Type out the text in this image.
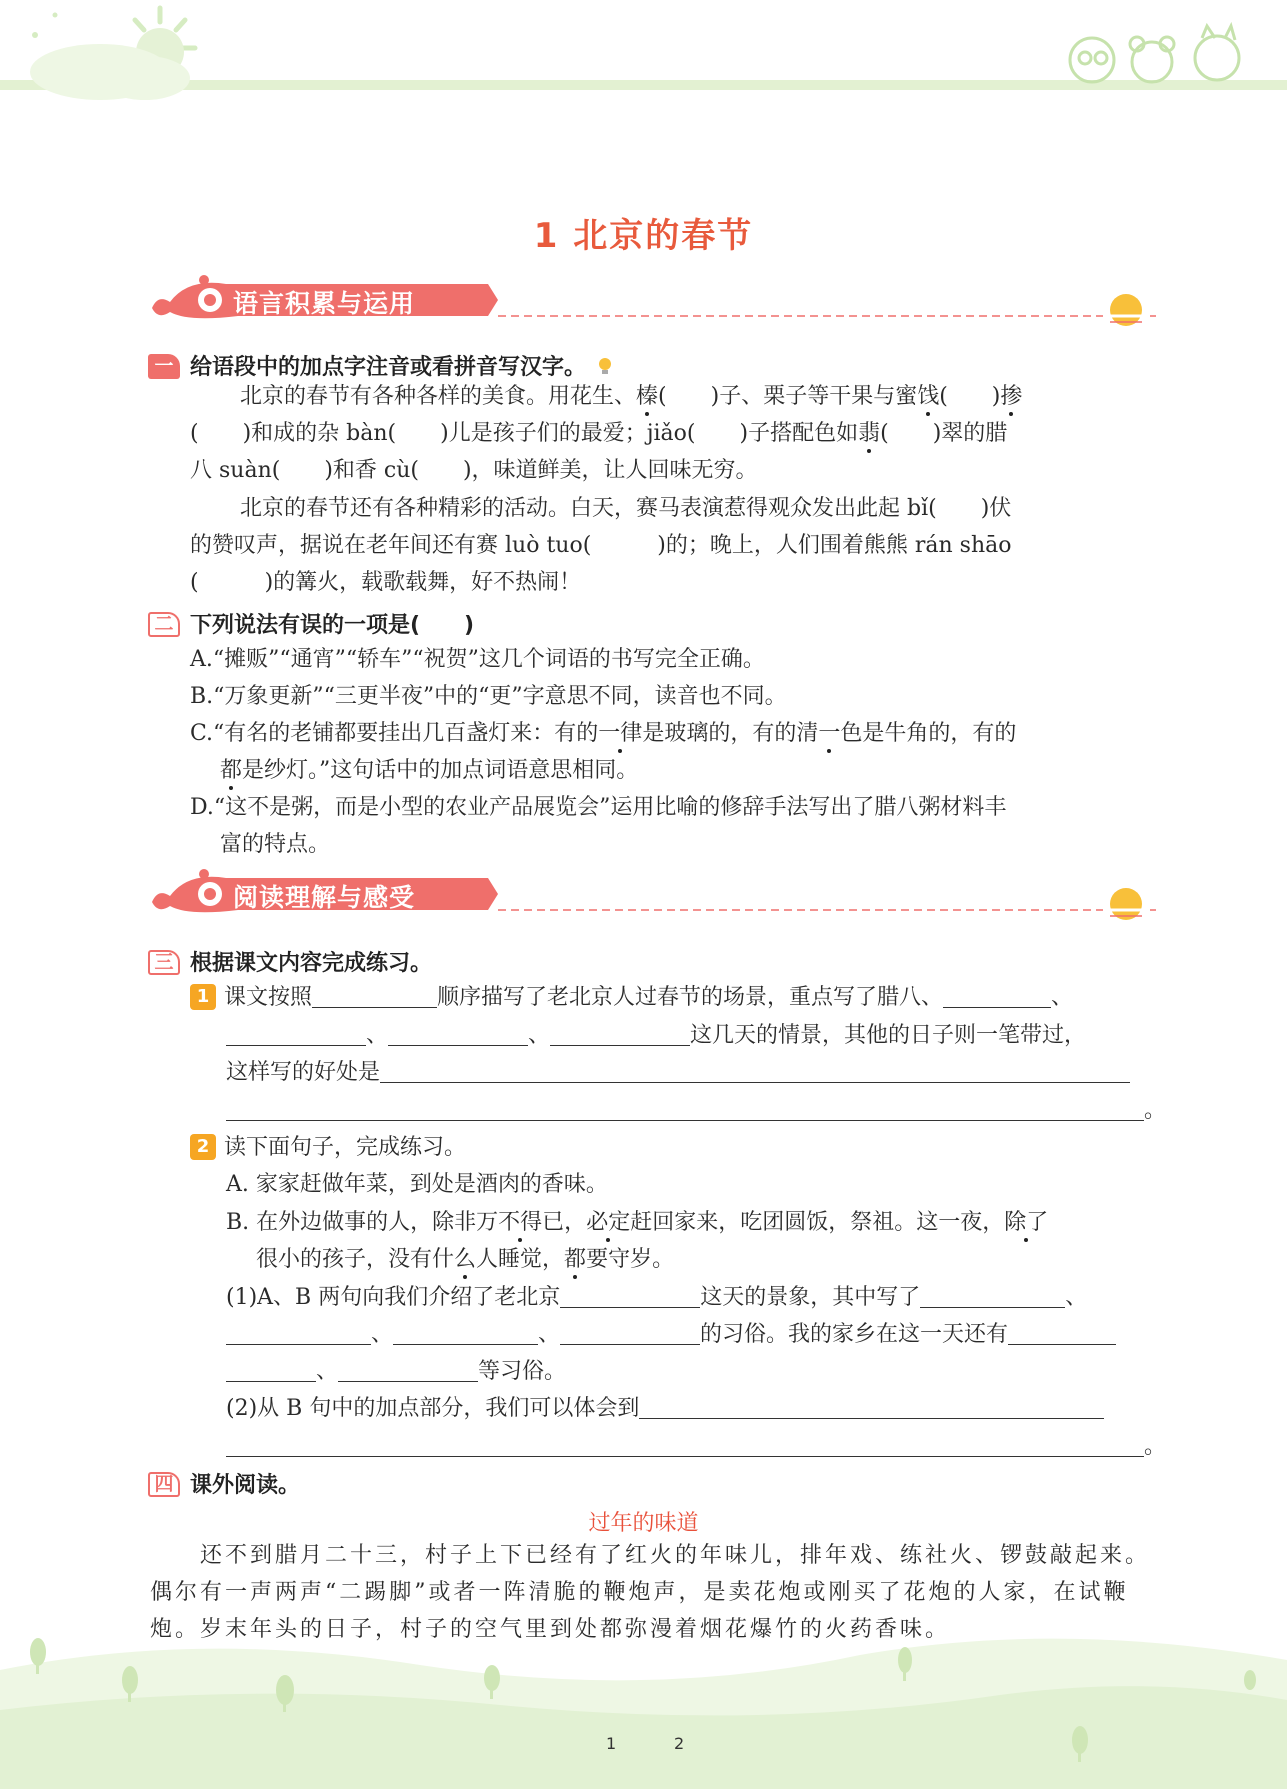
1 北京的春节
语言积累与运用
一 给语段中的加点字注音或看拼音写汉字。
北京的春节有各种各样的美食。用花生、榛(　　)子、栗子等干果与蜜饯(　　)掺
(　　)和成的杂 bàn(　　)儿是孩子们的最爱；jiǎo(　　)子搭配色如翡(　　)翠的腊
八 suàn(　　)和香 cù(　　)，味道鲜美，让人回味无穷。
北京的春节还有各种精彩的活动。白天，赛马表演惹得观众发出此起 bǐ(　　)伏
的赞叹声，据说在老年间还有赛 luò tuo(　　　)的；晚上，人们围着熊熊 rán shāo
(　　　)的篝火，载歌载舞，好不热闹！
二 下列说法有误的一项是(　　)
A.“摊贩”“通宵”“轿车”“祝贺”这几个词语的书写完全正确。
B.“万象更新”“三更半夜”中的“更”字意思不同，读音也不同。
C.“有名的老铺都要挂出几百盏灯来：有的一律是玻璃的，有的清一色是牛角的，有的
都是纱灯。”这句话中的加点词语意思相同。
D.“这不是粥，而是小型的农业产品展览会”运用比喻的修辞手法写出了腊八粥材料丰
富的特点。
阅读理解与感受
三 根据课文内容完成练习。
1 课文按照	顺序描写了老北京人过春节的场景，重点写了腊八、	、
、	、	这几天的情景，其他的日子则一笔带过，
这样写的好处是
。
2 读下面句子，完成练习。
A. 家家赶做年菜，到处是酒肉的香味。
B. 在外边做事的人，除非万不得已，必定赶回家来，吃团圆饭，祭祖。这一夜，除了
很小的孩子，没有什么人睡觉，都要守岁。
(1)A、B 两句向我们介绍了老北京	这天的景象，其中写了	、
、	、	的习俗。我的家乡在这一天还有
、	等习俗。
(2)从 B 句中的加点部分，我们可以体会到
。
四 课外阅读。
过年的味道
还不到腊月二十三，村子上下已经有了红火的年味儿，排年戏、练社火、锣鼓敲起来。
偶尔有一声两声“二踢脚”或者一阵清脆的鞭炮声，是卖花炮或刚买了花炮的人家，在试鞭
炮。岁末年头的日子，村子的空气里到处都弥漫着烟花爆竹的火药香味。
1	2
